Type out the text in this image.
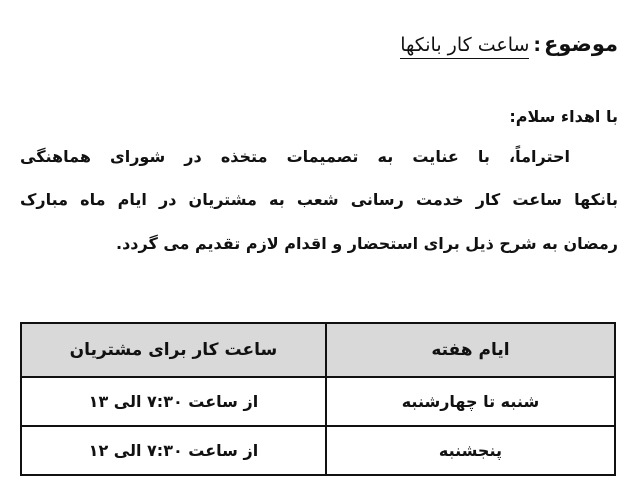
موضوع:ساعت کار بانکها
با اهداء سلام:
احتراماً، با عنایت به تصمیمات متخذه در شورای هماهنگی
بانکها ساعت کار خدمت رسانی شعب به مشتریان در ایام ماه مبارک
رمضان به شرح ذیل برای استحضار و اقدام لازم تقدیم می گردد.
ایام هفته	ساعت کار برای مشتریان
شنبه تا چهارشنبه	از ساعت ۷:۳۰ الی ۱۳
پنجشنبه	از ساعت ۷:۳۰ الی ۱۲
